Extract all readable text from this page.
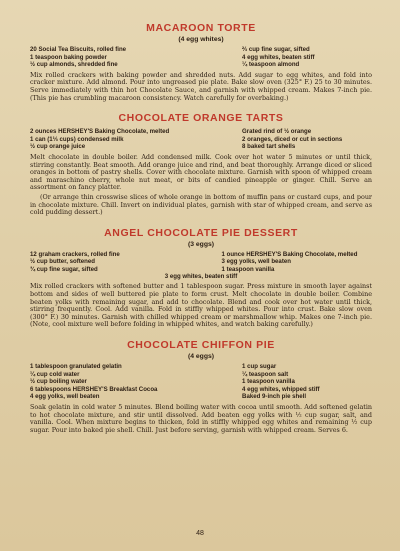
MACAROON TORTE
(4 egg whites)
20 Social Tea Biscuits, rolled fine
1 teaspoon baking powder
½ cup almonds, shredded fine
⅔ cup fine sugar, sifted
4 egg whites, beaten stiff
¼ teaspoon almond

Mix rolled crackers with baking powder and shredded nuts. Add sugar to egg whites, and fold into cracker mixture. Add almond. Pour into ungreased pie plate. Bake slow oven (325° F.) 25 to 30 minutes. Serve immediately with thin hot Chocolate Sauce, and garnish with whipped cream. Makes 7-inch pie. (This pie has crumbling macaroon consistency. Watch carefully for overbaking.)

CHOCOLATE ORANGE TARTS
2 ounces HERSHEY'S Baking Chocolate, melted
1 can (1⅓ cups) condensed milk
½ cup orange juice
Grated rind of ½ orange
2 oranges, diced or cut in sections
8 baked tart shells

Melt chocolate in double boiler. Add condensed milk. Cook over hot water 5 minutes or until thick, stirring constantly. Beat smooth. Add orange juice and rind, and beat thoroughly. Arrange diced or sliced oranges in bottom of pastry shells. Cover with chocolate mixture. Garnish with spoon of whipped cream and maraschino cherry, whole nut meat, or bits of candied pineapple or ginger. Chill. Serve an assortment on fancy platter.

(Or arrange thin crosswise slices of whole orange in bottom of muffin pans or custard cups, and pour in chocolate mixture. Chill. Invert on individual plates, garnish with star of whipped cream, and serve as cold pudding dessert.)

ANGEL CHOCOLATE PIE DESSERT
(3 eggs)
12 graham crackers, rolled fine
½ cup butter, softened
¾ cup fine sugar, sifted
1 ounce HERSHEY'S Baking Chocolate, melted
3 egg yolks, well beaten
1 teaspoon vanilla
3 egg whites, beaten stiff

Mix rolled crackers with softened butter and 1 tablespoon sugar. Press mixture in smooth layer against bottom and sides of well buttered pie plate to form crust. Melt chocolate in double boiler. Combine beaten yolks with remaining sugar, and add to chocolate. Blend and cook over hot water until thick, stirring frequently. Cool. Add vanilla. Fold in stiffly whipped whites. Pour into crust. Bake slow oven (300° F.) 30 minutes. Garnish with chilled whipped cream or marshmallow whip. Makes one 7-inch pie. (Note, cool mixture well before folding in whipped whites, and watch baking carefully.)

CHOCOLATE CHIFFON PIE
(4 eggs)
1 tablespoon granulated gelatin
¼ cup cold water
½ cup boiling water
6 tablespoons HERSHEY'S Breakfast Cocoa
4 egg yolks, well beaten
1 cup sugar
¼ teaspoon salt
1 teaspoon vanilla
4 egg whites, whipped stiff
Baked 9-inch pie shell

Soak gelatin in cold water 5 minutes. Blend boiling water with cocoa until smooth. Add softened gelatin to hot chocolate mixture, and stir until dissolved. Add beaten egg yolks with ½ cup sugar, salt, and vanilla. Cool. When mixture begins to thicken, fold in stiffly whipped egg whites and remaining ½ cup sugar. Pour into baked pie shell. Chill. Just before serving, garnish with whipped cream. Serves 6.

48
